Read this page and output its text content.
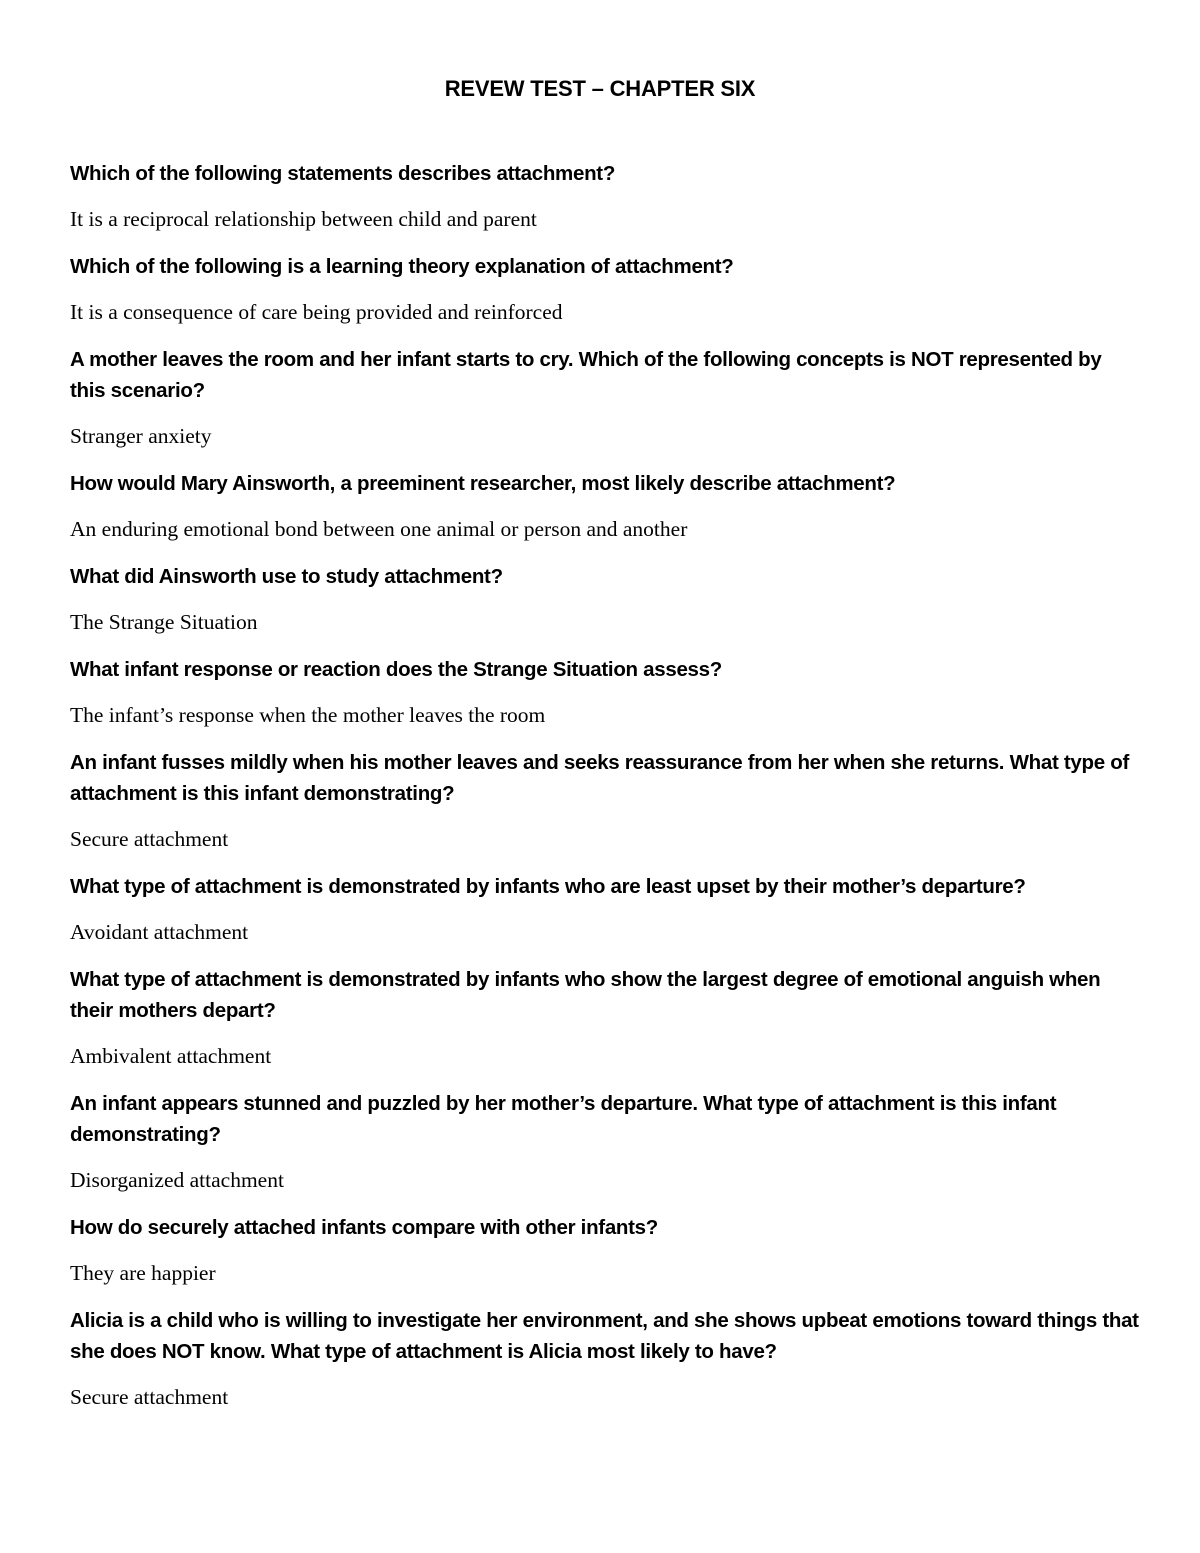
REVEW TEST – CHAPTER SIX
Which of the following statements describes attachment?
It is a reciprocal relationship between child and parent
Which of the following is a learning theory explanation of attachment?
It is a consequence of care being provided and reinforced
A mother leaves the room and her infant starts to cry. Which of the following concepts is NOT represented by this scenario?
Stranger anxiety
How would Mary Ainsworth, a preeminent researcher, most likely describe attachment?
An enduring emotional bond between one animal or person and another
What did Ainsworth use to study attachment?
The Strange Situation
What infant response or reaction does the Strange Situation assess?
The infant’s response when the mother leaves the room
An infant fusses mildly when his mother leaves and seeks reassurance from her when she returns. What type of attachment is this infant demonstrating?
Secure attachment
What type of attachment is demonstrated by infants who are least upset by their mother’s departure?
Avoidant attachment
What type of attachment is demonstrated by infants who show the largest degree of emotional anguish when their mothers depart?
Ambivalent attachment
An infant appears stunned and puzzled by her mother’s departure. What type of attachment is this infant demonstrating?
Disorganized attachment
How do securely attached infants compare with other infants?
They are happier
Alicia is a child who is willing to investigate her environment, and she shows upbeat emotions toward things that she does NOT know. What type of attachment is Alicia most likely to have?
Secure attachment
